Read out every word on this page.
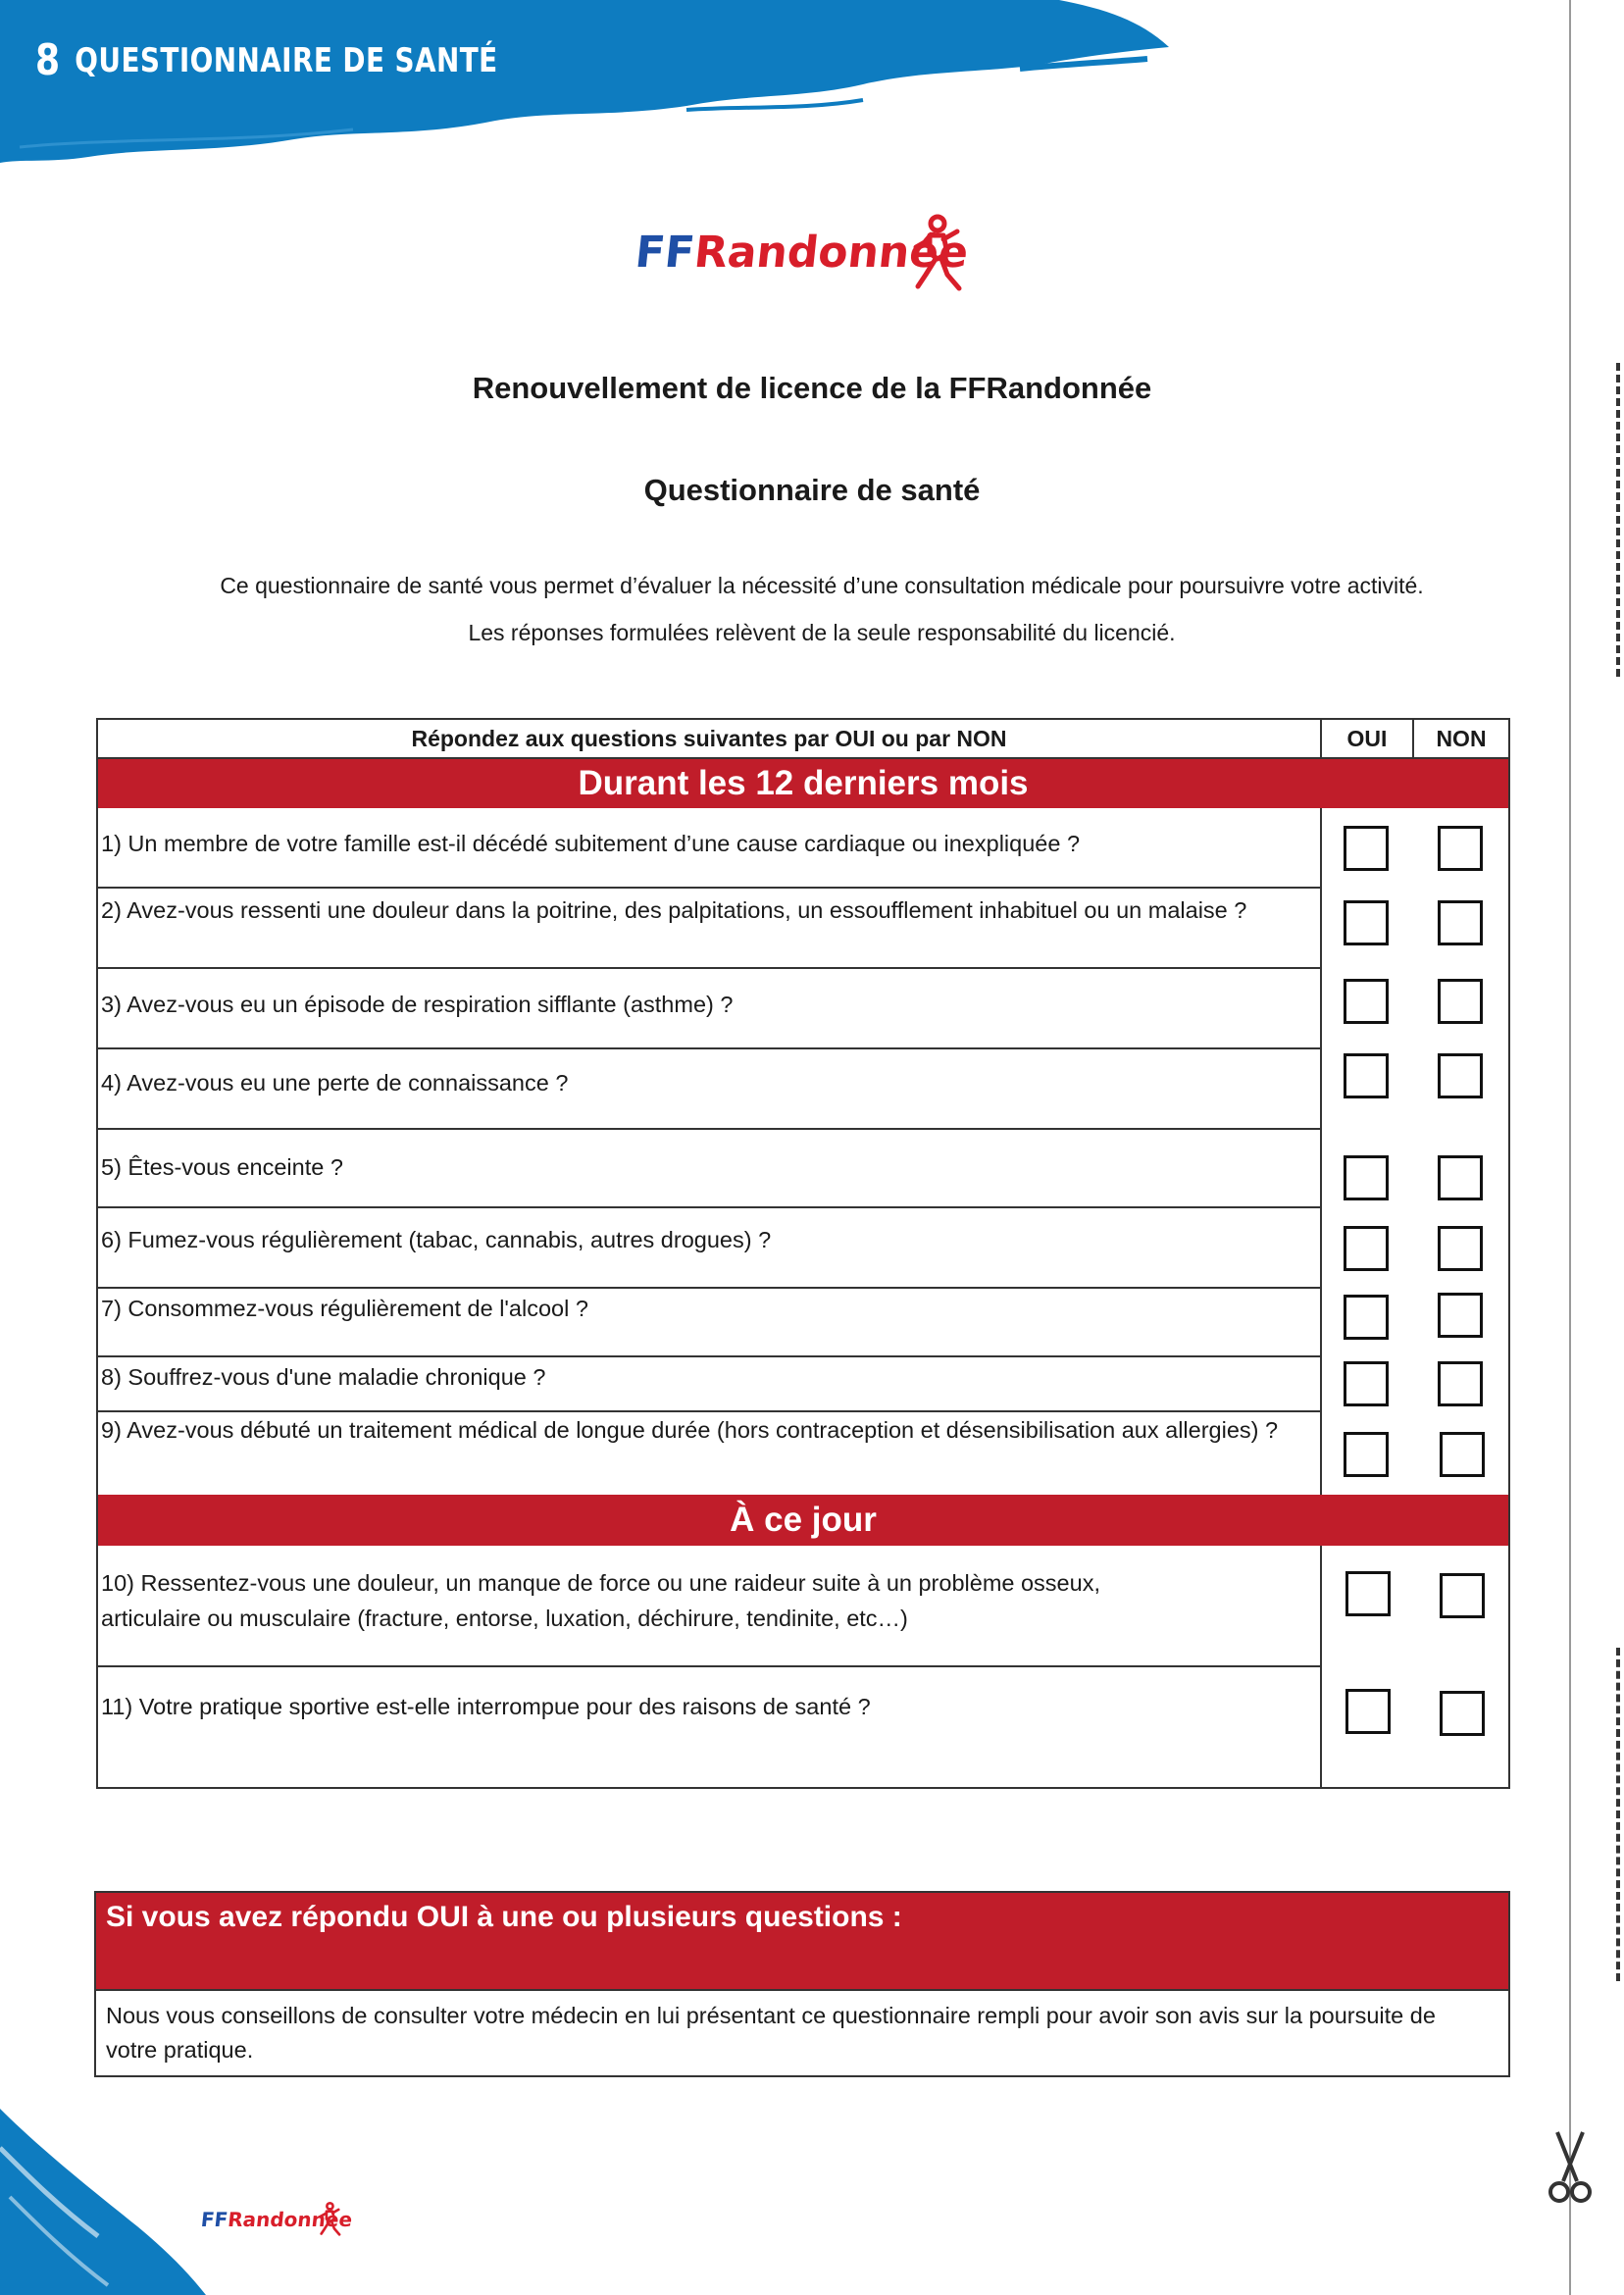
8 QUESTIONNAIRE DE SANTÉ
FFRandonnée
Renouvellement de licence de la FFRandonnée
Questionnaire de santé
Ce questionnaire de santé vous permet d’évaluer la nécessité d’une consultation médicale pour poursuivre votre activité.
Les réponses formulées relèvent de la seule responsabilité du licencié.
Répondez aux questions suivantes par OUI ou par NON	OUI	NON
Durant les 12 derniers mois
1) Un membre de votre famille est-il décédé subitement d’une cause cardiaque ou inexpliquée ?
2) Avez-vous ressenti une douleur dans la poitrine, des palpitations, un essoufflement inhabituel ou un malaise ?
3) Avez-vous eu un épisode de respiration sifflante (asthme) ?
4) Avez-vous eu une perte de connaissance ?
5) Êtes-vous enceinte ?
6) Fumez-vous régulièrement (tabac, cannabis, autres drogues) ?
7) Consommez-vous régulièrement de l'alcool ?
8) Souffrez-vous d'une maladie chronique ?
9) Avez-vous débuté un traitement médical de longue durée (hors contraception et désensibilisation aux allergies) ?
À ce jour
10) Ressentez-vous une douleur, un manque de force ou une raideur suite à un problème osseux, articulaire ou musculaire (fracture, entorse, luxation, déchirure, tendinite, etc…)
11) Votre pratique sportive est-elle interrompue pour des raisons de santé ?
Si vous avez répondu OUI à une ou plusieurs questions :
Nous vous conseillons de consulter votre médecin en lui présentant ce questionnaire rempli pour avoir son avis sur la poursuite de votre pratique.
FFRandonnée
